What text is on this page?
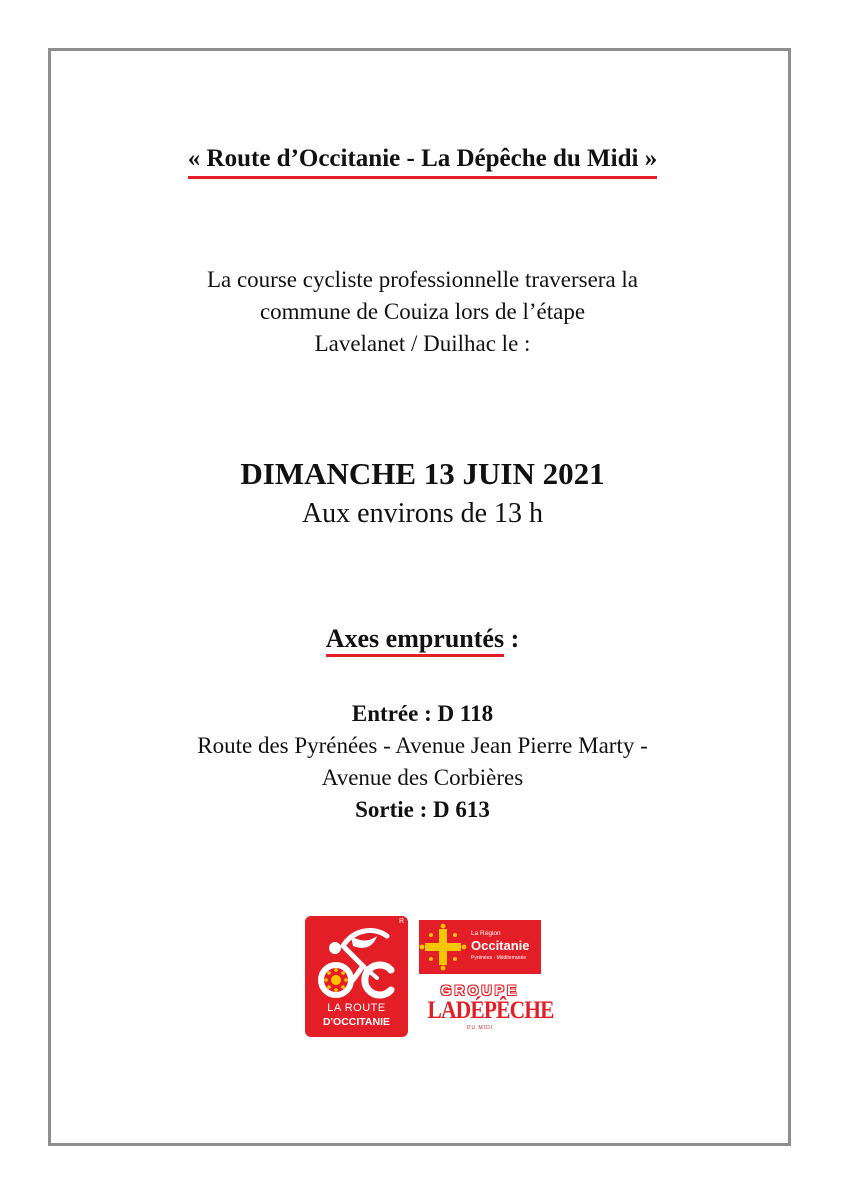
« Route d’Occitanie - La Dépêche du Midi »
La course cycliste professionnelle traversera la
commune de Couiza lors de l’étape
Lavelanet / Duilhac le :
DIMANCHE 13 JUIN 2021
Aux environs de 13 h
Axes empruntés :
Entrée : D 118
Route des Pyrénées - Avenue Jean Pierre Marty -
Avenue des Corbières
Sortie : D 613
R
LA ROUTE
D'OCCITANIE
La Région
Occitanie
Pyrénées · Méditerranée
GROUPE
LADÉPÊCHE
DU MIDI
